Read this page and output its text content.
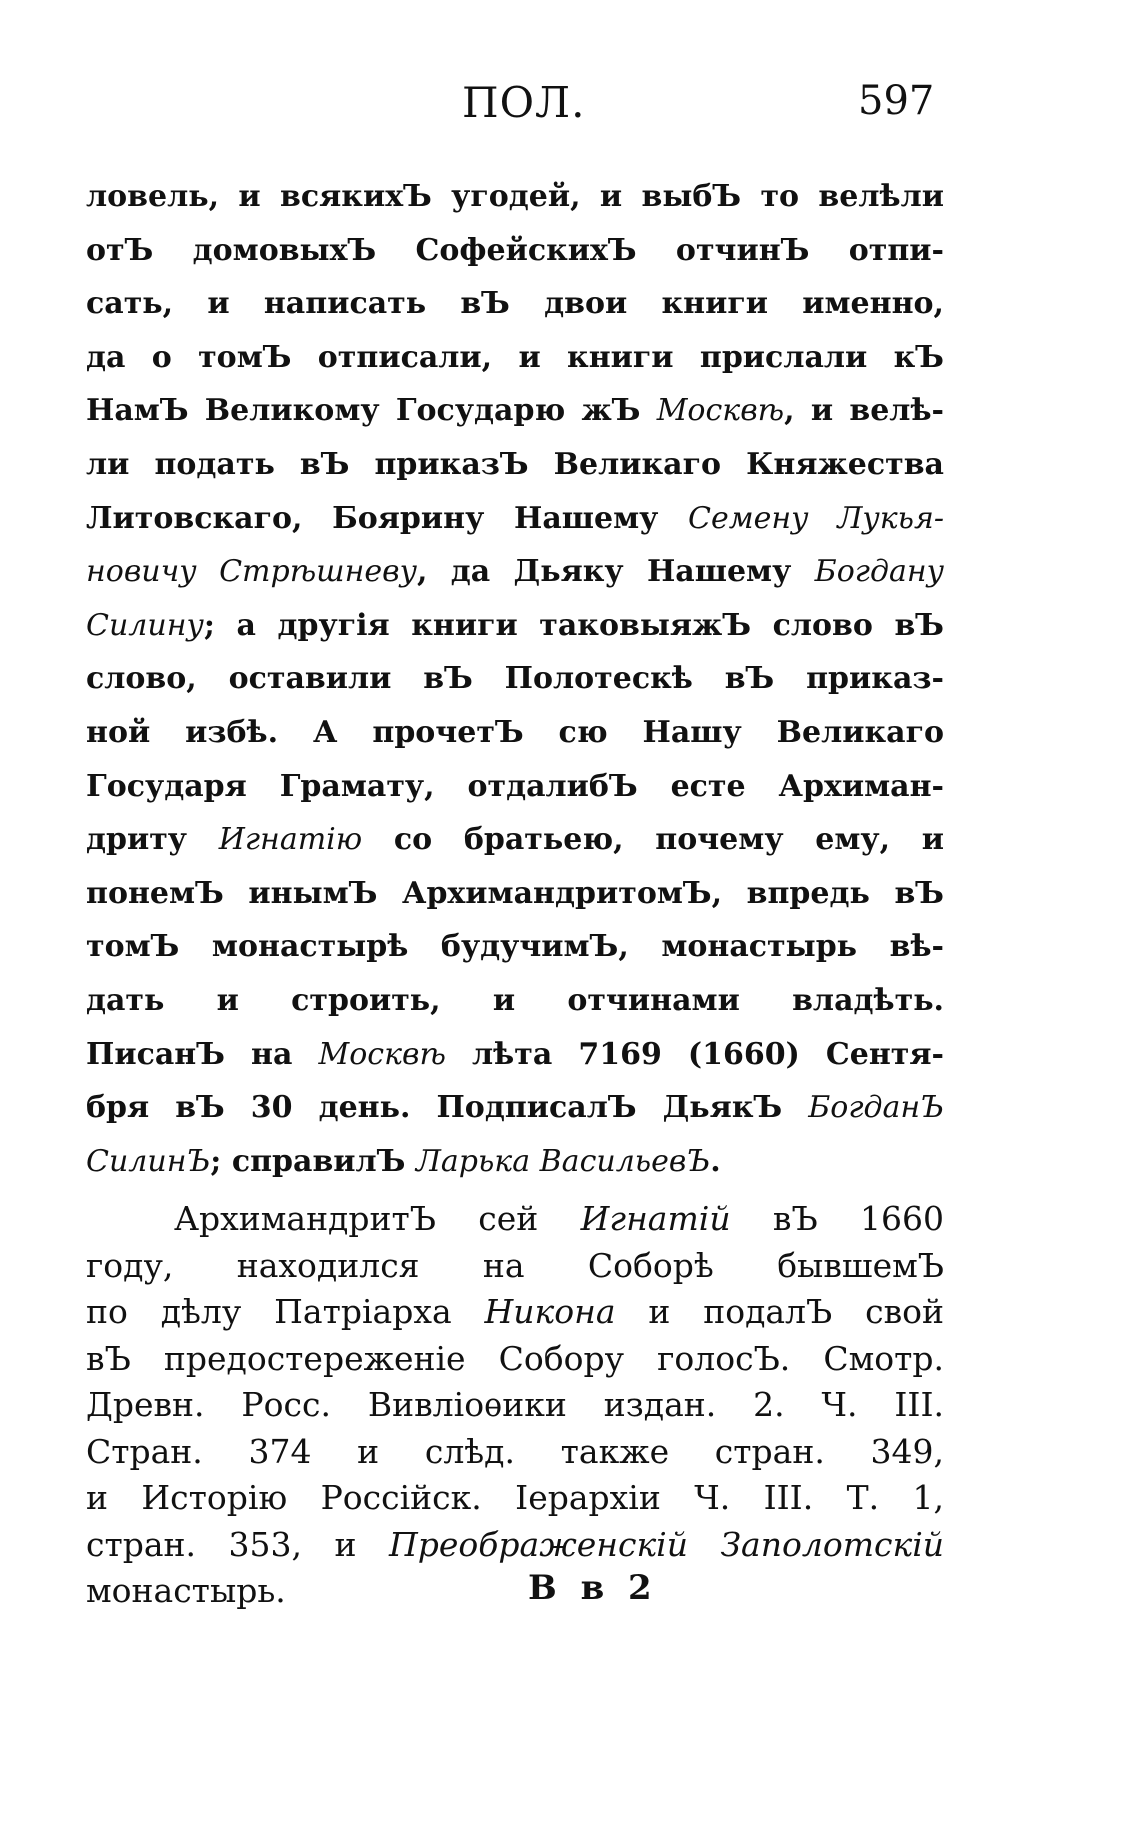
ПОЛ.	597
ловель, и всякихЪ угодей, и выбЪ то велѣли
отЪ домовыхЪ СофейскихЪ отчинЪ отпи-
сать, и написать вЪ двои книги именно,
да о томЪ отписали, и книги прислали кЪ
НамЪ Великому Государю жЪ Москвѣ, и велѣ-
ли подать вЪ приказЪ Великаго Княжества
Литовскаго, Боярину Нашему Семену Лукья-
новичу Стрѣшневу, да Дьяку Нашему Богдану
Силину; а другія книги таковыяжЪ слово вЪ
слово, оставили вЪ Полотескѣ вЪ приказ-
ной избѣ. А прочетЪ сю Нашу Великаго
Государя Грамату, отдалибЪ есте Архиман-
дриту Игнатію со братьею, почему ему, и
понемЪ инымЪ АрхимандритомЪ, впредь вЪ
томЪ монастырѣ будучимЪ, монастырь вѣ-
дать и строить, и отчинами владѣть.
ПисанЪ на Москвѣ лѣта 7169 (1660) Сентя-
бря вЪ 30 день. ПодписалЪ ДьякЪ БогданЪ
СилинЪ; справилЪ Ларька ВасильевЪ.
АрхимандритЪ сей Игнатій вЪ 1660
году, находился на Соборѣ бывшемЪ
по дѣлу Патріарха Никона и подалЪ свой
вЪ предостереженіе Собору голосЪ. Смотр.
Древн. Росс. Вивліоѳики издан. 2. Ч. III.
Стран. 374 и слѣд. также стран. 349,
и Исторію Россійск. Іерархіи Ч. III. Т. 1,
стран. 353, и Преображенскій Заполотскій
монастырь.	В в 2
